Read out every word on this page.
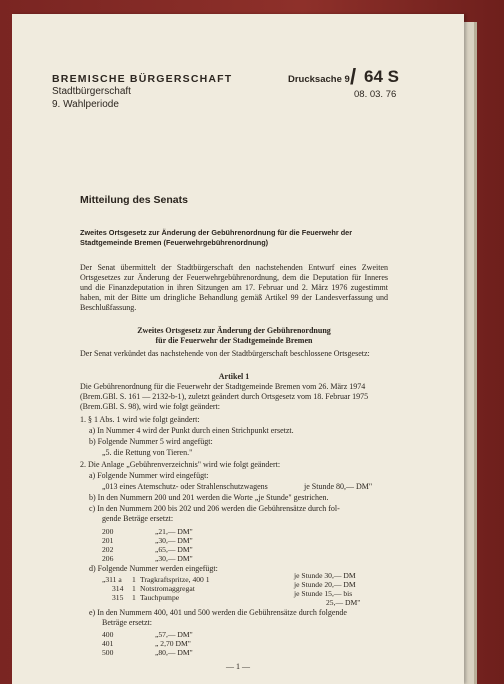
BREMISCHE BÜRGERSCHAFT
Stadtbürgerschaft
9. Wahlperiode
Drucksache 9 / 64 S
08. 03. 76
Mitteilung des Senats
Zweites Ortsgesetz zur Änderung der Gebührenordnung für die Feuerwehr der Stadtgemeinde Bremen (Feuerwehrgebührenordnung)
Der Senat übermittelt der Stadtbürgerschaft den nachstehenden Entwurf eines Zweiten Ortsgesetzes zur Änderung der Feuerwehrgebührenordnung, dem die Deputation für Inneres und die Finanzdeputation in ihren Sitzungen am 17. Februar und 2. März 1976 zugestimmt haben, mit der Bitte um dringliche Behandlung gemäß Artikel 99 der Landesverfassung und Beschlußfassung.
Zweites Ortsgesetz zur Änderung der Gebührenordnung
für die Feuerwehr der Stadtgemeinde Bremen
Der Senat verkündet das nachstehende von der Stadtbürgerschaft beschlossene Ortsgesetz:
Artikel 1
Die Gebührenordnung für die Feuerwehr der Stadtgemeinde Bremen vom 26. März 1974 (Brem.GBl. S. 161 — 2132-b-1), zuletzt geändert durch Ortsgesetz vom 18. Februar 1975 (Brem.GBl. S. 98), wird wie folgt geändert:
1. § 1 Abs. 1 wird wie folgt geändert:
a) In Nummer 4 wird der Punkt durch einen Strichpunkt ersetzt.
b) Folgende Nummer 5 wird angefügt:
„5. die Rettung von Tieren."
2. Die Anlage „Gebührenverzeichnis" wird wie folgt geändert:
a) Folgende Nummer wird eingefügt:
„013 eines Atemschutz- oder Strahlenschutzwagens	je Stunde 80,— DM"
b) In den Nummern 200 und 201 werden die Worte „je Stunde" gestrichen.
c) In den Nummern 200 bis 202 und 206 werden die Gebührensätze durch fol-
gende Beträge ersetzt:
200	„21,— DM"
201	„30,— DM"
202	„65,— DM"
206	„30,— DM"
d) Folgende Nummer werden eingefügt:
„311 a 1 Tragkraftspritze, 400 1	je Stunde 30,— DM
314 1 Notstromaggregat	je Stunde 20,— DM
315 1 Tauchpumpe	je Stunde 15,— bis
25,— DM"
e) In den Nummern 400, 401 und 500 werden die Gebührensätze durch folgende
Beträge ersetzt:
400	„57,— DM"
401	„ 2,70 DM"
500	„80,— DM"
— 1 —
